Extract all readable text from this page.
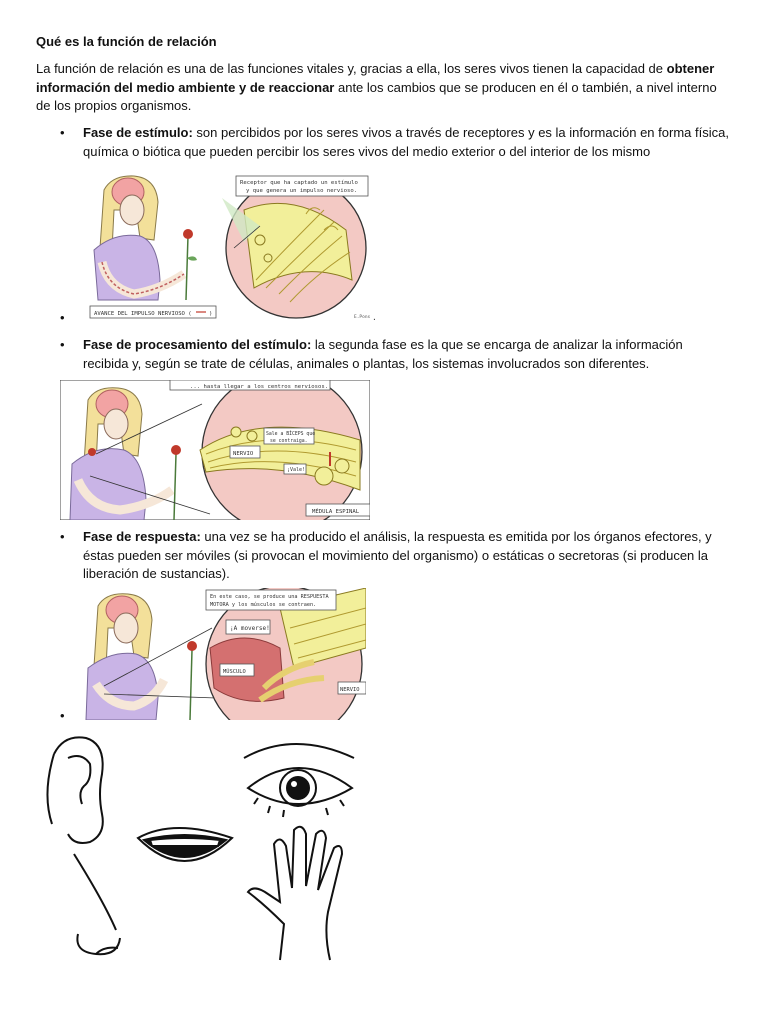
Qué es la función de relación
La función de relación es una de las funciones vitales y, gracias a ella, los seres vivos tienen la capacidad de obtener información del medio ambiente y de reaccionar ante los cambios que se producen en él o también, a nivel interno de los propios organismos.
• Fase de estímulo: son percibidos por los seres vivos a través de receptores y es la información en forma física, química o biótica que pueden percibir los seres vivos del medio exterior o del interior de los mismo
Receptor que ha captado un estímulo
y que genera un impulso nervioso.
AVANCE DEL IMPULSO NERVIOSO (	)
E.Pons .
•
• Fase de procesamiento del estímulo: la segunda fase es la que se encarga de analizar la información recibida y, según se trate de células, animales o plantas, los sistemas involucrados son diferentes.
... hasta llegar a los centros nerviosos.
Sale a BÍCEPS que
se contraiga.
NERVIO
¡Vale!
MÉDULA ESPINAL
• Fase de respuesta: una vez se ha producido el análisis, la respuesta es emitida por los órganos efectores, y éstas pueden ser móviles (si provocan el movimiento del organismo) o estáticas o secretoras (si producen la liberación de sustancias).
En este caso, se produce una RESPUESTA
MOTORA y los músculos se contraen.
¡A moverse!
MÚSCULO
NERVIO
•
